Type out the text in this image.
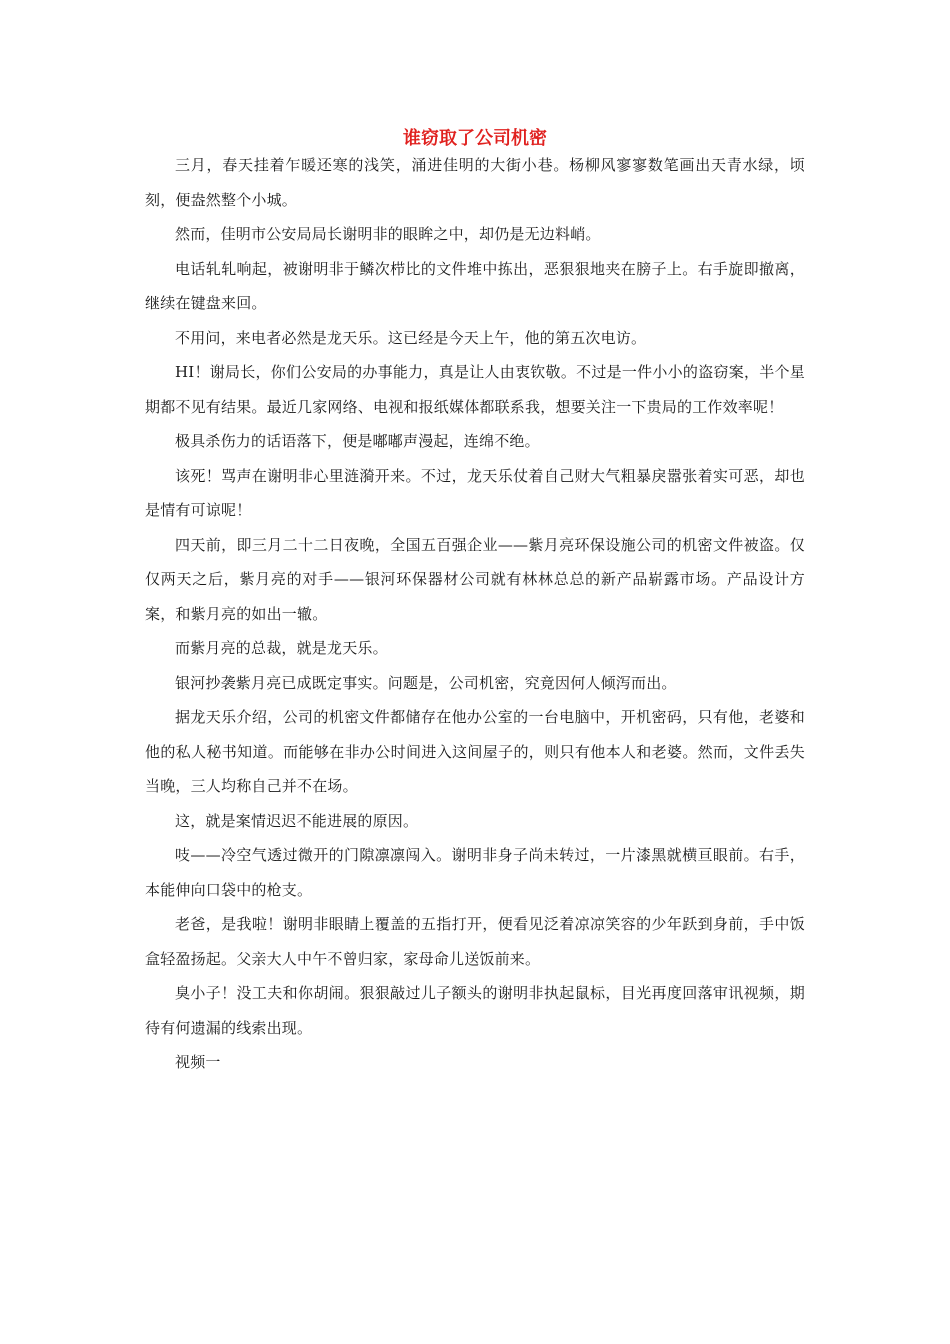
谁窃取了公司机密

三月，春天挂着乍暖还寒的浅笑，涌进佳明的大街小巷。杨柳风寥寥数笔画出天青水绿，顷刻，便盎然整个小城。

然而，佳明市公安局局长谢明非的眼眸之中，却仍是无边料峭。

电话轧轧响起，被谢明非于鳞次栉比的文件堆中拣出，恶狠狠地夹在膀子上。右手旋即撤离，继续在键盘来回。

不用问，来电者必然是龙天乐。这已经是今天上午，他的第五次电访。

HI！谢局长，你们公安局的办事能力，真是让人由衷钦敬。不过是一件小小的盗窃案，半个星期都不见有结果。最近几家网络、电视和报纸媒体都联系我，想要关注一下贵局的工作效率呢！

极具杀伤力的话语落下，便是嘟嘟声漫起，连绵不绝。

该死！骂声在谢明非心里涟漪开来。不过，龙天乐仗着自己财大气粗暴戾嚣张着实可恶，却也是情有可谅呢！

四天前，即三月二十二日夜晚，全国五百强企业——紫月亮环保设施公司的机密文件被盗。仅仅两天之后，紫月亮的对手——银河环保器材公司就有林林总总的新产品崭露市场。产品设计方案，和紫月亮的如出一辙。

而紫月亮的总裁，就是龙天乐。

银河抄袭紫月亮已成既定事实。问题是，公司机密，究竟因何人倾泻而出。

据龙天乐介绍，公司的机密文件都储存在他办公室的一台电脑中，开机密码，只有他，老婆和他的私人秘书知道。而能够在非办公时间进入这间屋子的，则只有他本人和老婆。然而，文件丢失当晚，三人均称自己并不在场。

这，就是案情迟迟不能进展的原因。

吱——冷空气透过微开的门隙凛凛闯入。谢明非身子尚未转过，一片漆黑就横亘眼前。右手，本能伸向口袋中的枪支。

老爸，是我啦！谢明非眼睛上覆盖的五指打开，便看见泛着凉凉笑容的少年跃到身前，手中饭盒轻盈扬起。父亲大人中午不曾归家，家母命儿送饭前来。

臭小子！没工夫和你胡闹。狠狠敲过儿子额头的谢明非执起鼠标，目光再度回落审讯视频，期待有何遗漏的线索出现。

视频一
